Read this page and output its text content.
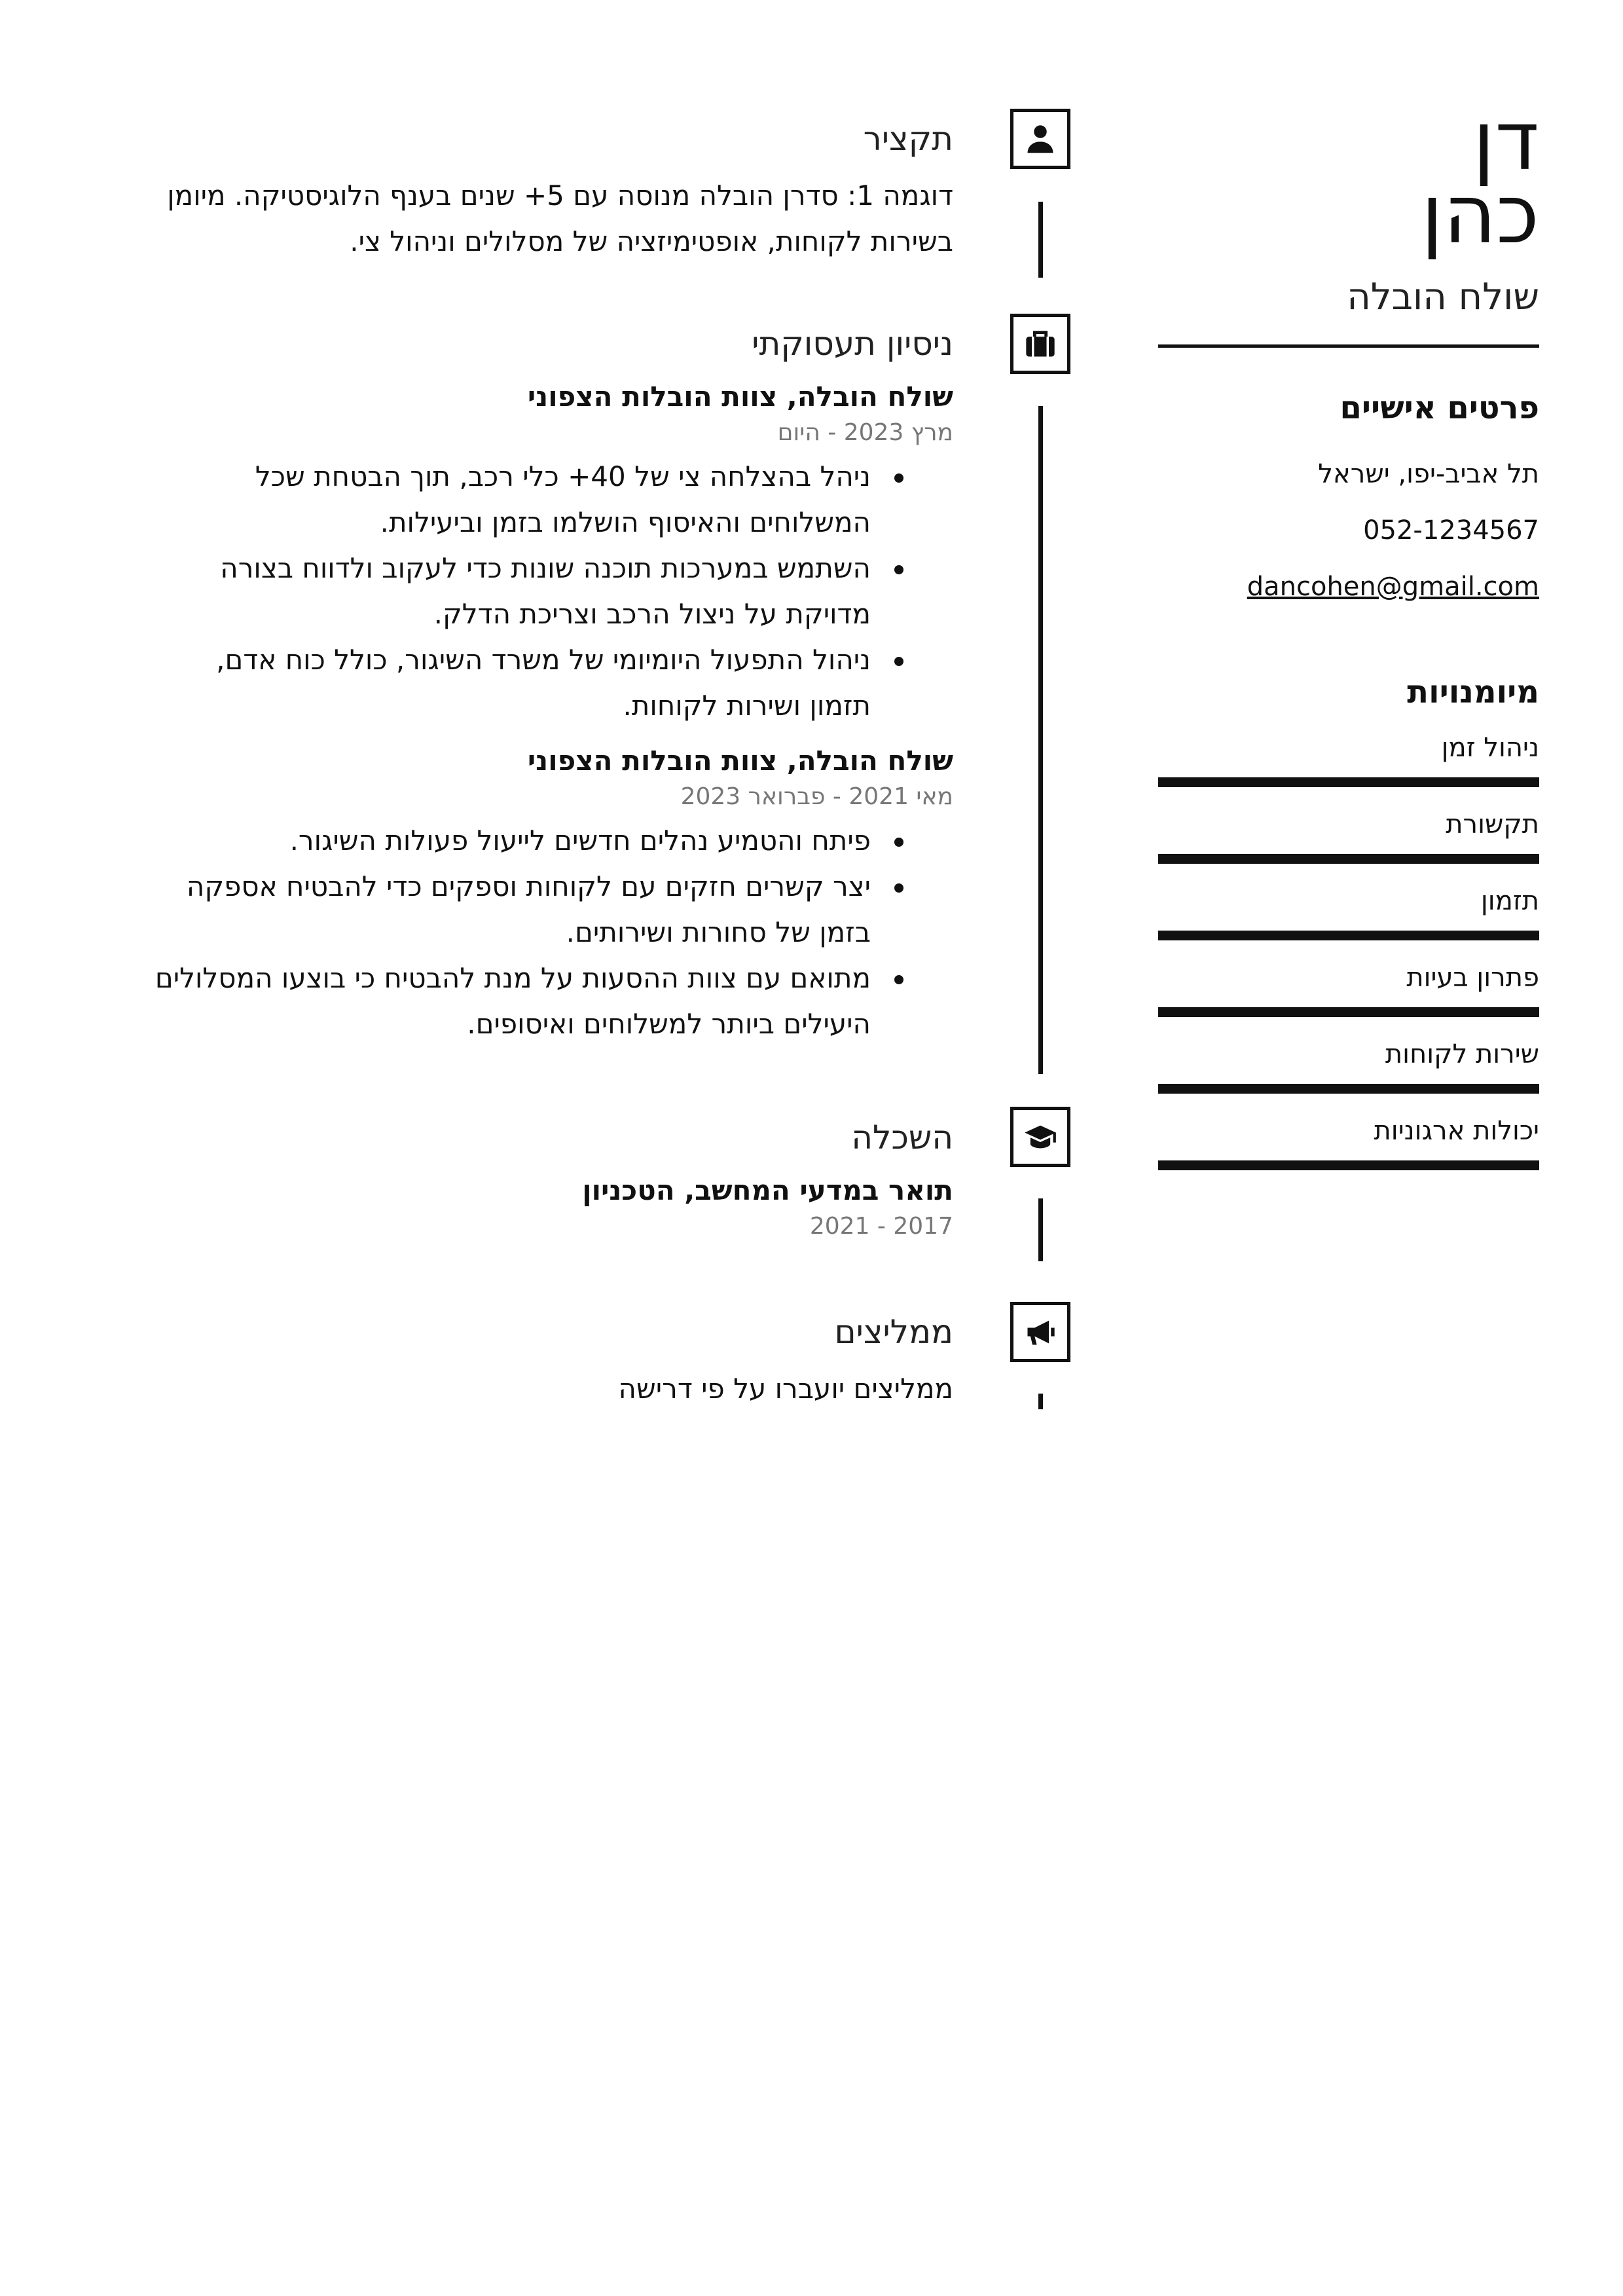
דן
כהן
שולח הובלה
פרטים אישיים
תל אביב-יפו, ישראל
052-1234567
dancohen@gmail.com
מיומנויות
ניהול זמן
תקשורת
תזמון
פתרון בעיות
שירות לקוחות
יכולות ארגוניות
תקציר
דוגמה 1: סדרן הובלה מנוסה עם 5+ שנים בענף הלוגיסטיקה. מיומן בשירות לקוחות, אופטימיזציה של מסלולים וניהול צי.
ניסיון תעסוקתי
שולח הובלה, צוות הובלות הצפוני
מרץ 2023 - היום
ניהל בהצלחה צי של 40+ כלי רכב, תוך הבטחת שכל המשלוחים והאיסוף הושלמו בזמן וביעילות.
השתמש במערכות תוכנה שונות כדי לעקוב ולדווח בצורה מדויקת על ניצול הרכב וצריכת הדלק.
ניהול התפעול היומיומי של משרד השיגור, כולל כוח אדם, תזמון ושירות לקוחות.
שולח הובלה, צוות הובלות הצפוני
מאי 2021 - פברואר 2023
פיתח והטמיע נהלים חדשים לייעול פעולות השיגור.
יצר קשרים חזקים עם לקוחות וספקים כדי להבטיח אספקה בזמן של סחורות ושירותים.
מתואם עם צוות ההסעות על מנת להבטיח כי בוצעו המסלולים היעילים ביותר למשלוחים ואיסופים.
השכלה
תואר במדעי המחשב, הטכניון
2017 - 2021
ממליצים
ממליצים יועברו על פי דרישה
